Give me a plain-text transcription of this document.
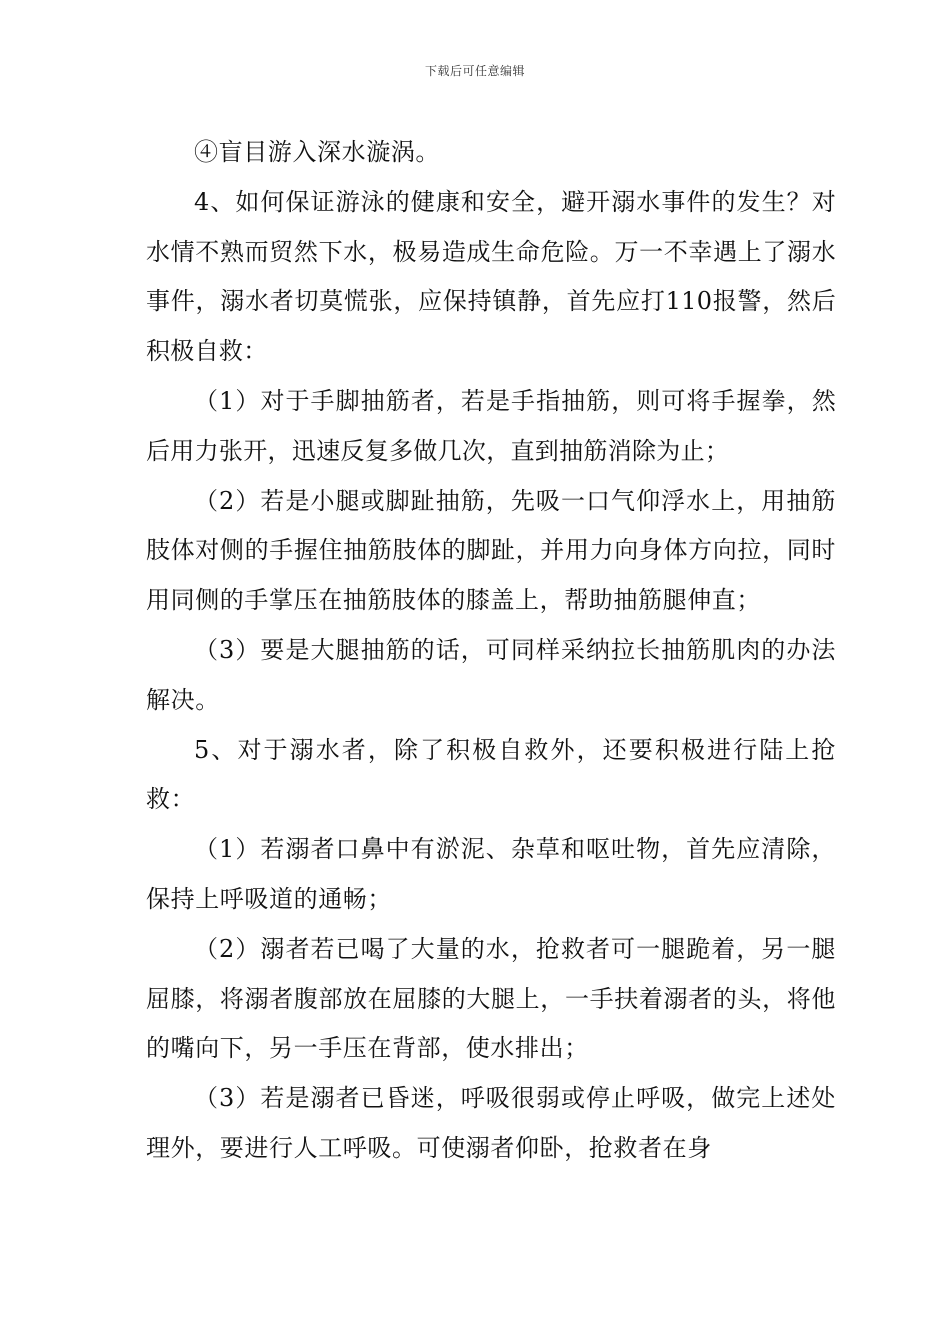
下载后可任意编辑

④盲目游入深水漩涡。

4、如何保证游泳的健康和安全，避开溺水事件的发生？对水情不熟而贸然下水，极易造成生命危险。万一不幸遇上了溺水事件，溺水者切莫慌张，应保持镇静，首先应打110报警，然后积极自救：

（1）对于手脚抽筋者，若是手指抽筋，则可将手握拳，然后用力张开，迅速反复多做几次，直到抽筋消除为止；

（2）若是小腿或脚趾抽筋，先吸一口气仰浮水上，用抽筋肢体对侧的手握住抽筋肢体的脚趾，并用力向身体方向拉，同时用同侧的手掌压在抽筋肢体的膝盖上，帮助抽筋腿伸直；

（3）要是大腿抽筋的话，可同样采纳拉长抽筋肌肉的办法解决。

5、对于溺水者，除了积极自救外，还要积极进行陆上抢救：

（1）若溺者口鼻中有淤泥、杂草和呕吐物，首先应清除，保持上呼吸道的通畅；

（2）溺者若已喝了大量的水，抢救者可一腿跪着，另一腿屈膝，将溺者腹部放在屈膝的大腿上，一手扶着溺者的头，将他的嘴向下，另一手压在背部，使水排出；

（3）若是溺者已昏迷，呼吸很弱或停止呼吸，做完上述处理外，要进行人工呼吸。可使溺者仰卧，抢救者在身
